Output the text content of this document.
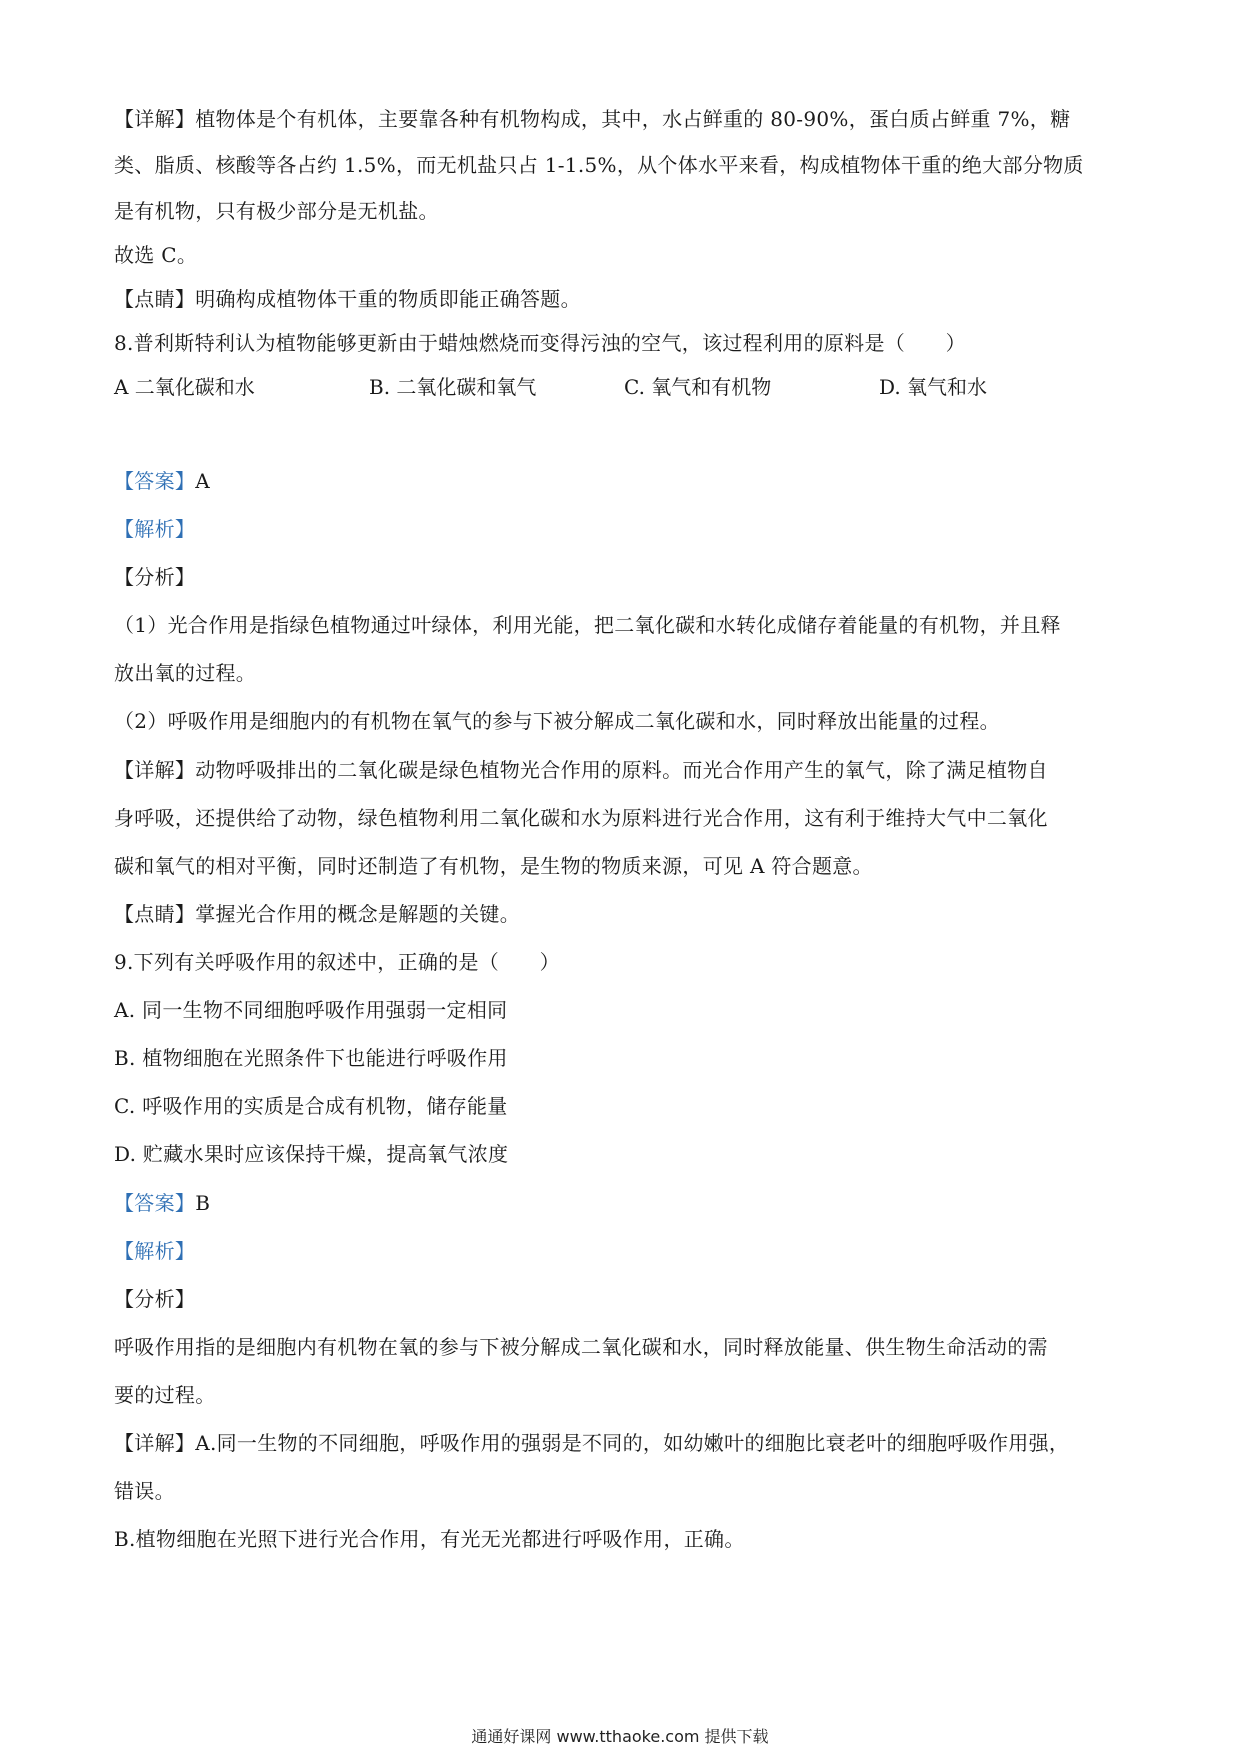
【详解】植物体是个有机体，主要靠各种有机物构成，其中，水占鲜重的 80-90%，蛋白质占鲜重 7%，糖
类、脂质、核酸等各占约 1.5%，而无机盐只占 1-1.5%，从个体水平来看，构成植物体干重的绝大部分物质
是有机物，只有极少部分是无机盐。
故选 C。
【点睛】明确构成植物体干重的物质即能正确答题。
8.普利斯特利认为植物能够更新由于蜡烛燃烧而变得污浊的空气，该过程利用的原料是（　　）
A 二氧化碳和水	B. 二氧化碳和氧气	C. 氧气和有机物	D. 氧气和水
【答案】A
【解析】
【分析】
（1）光合作用是指绿色植物通过叶绿体，利用光能，把二氧化碳和水转化成储存着能量的有机物，并且释
放出氧的过程。
（2）呼吸作用是细胞内的有机物在氧气的参与下被分解成二氧化碳和水，同时释放出能量的过程。
【详解】动物呼吸排出的二氧化碳是绿色植物光合作用的原料。而光合作用产生的氧气，除了满足植物自
身呼吸，还提供给了动物，绿色植物利用二氧化碳和水为原料进行光合作用，这有利于维持大气中二氧化
碳和氧气的相对平衡，同时还制造了有机物，是生物的物质来源，可见 A 符合题意。
【点睛】掌握光合作用的概念是解题的关键。
9.下列有关呼吸作用的叙述中，正确的是（　　）
A. 同一生物不同细胞呼吸作用强弱一定相同
B. 植物细胞在光照条件下也能进行呼吸作用
C. 呼吸作用的实质是合成有机物，储存能量
D. 贮藏水果时应该保持干燥，提高氧气浓度
【答案】B
【解析】
【分析】
呼吸作用指的是细胞内有机物在氧的参与下被分解成二氧化碳和水，同时释放能量、供生物生命活动的需
要的过程。
【详解】A.同一生物的不同细胞，呼吸作用的强弱是不同的，如幼嫩叶的细胞比衰老叶的细胞呼吸作用强，
错误。
B.植物细胞在光照下进行光合作用，有光无光都进行呼吸作用，正确。
通通好课网 www.tthaoke.com 提供下载
